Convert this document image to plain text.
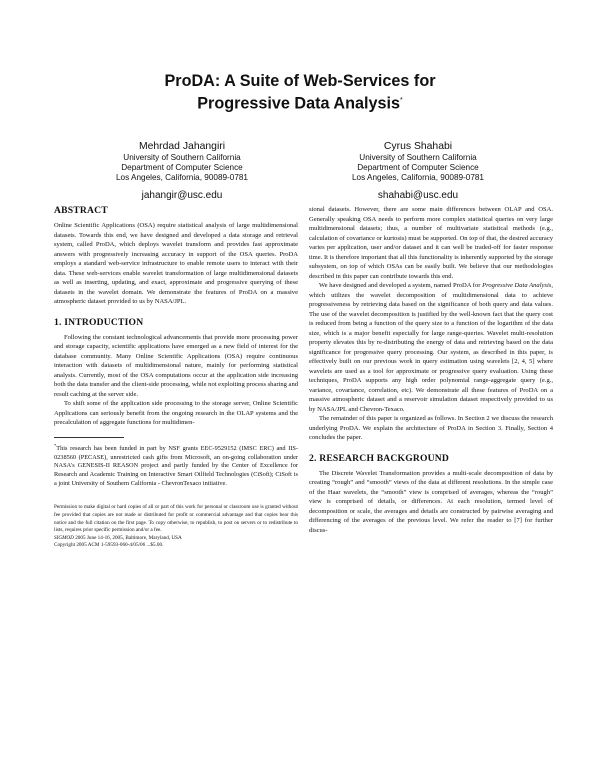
ProDA: A Suite of Web-Services for
Progressive Data Analysis*
Mehrdad Jahangiri
University of Southern California
Department of Computer Science
Los Angeles, California, 90089-0781
jahangir@usc.edu
Cyrus Shahabi
University of Southern California
Department of Computer Science
Los Angeles, California, 90089-0781
shahabi@usc.edu
ABSTRACT

Online Scientific Applications (OSA) require statistical analysis of large multidimensional datasets. Towards this end, we have designed and developed a data storage and retrieval system, called ProDA, which deploys wavelet transform and provides fast approximate answers with progressively increasing accuracy in support of the OSA queries. ProDA employs a standard web-service infrastructure to enable remote users to interact with their data. These web-services enable wavelet transformation of large multidimensional datasets as well as inserting, updating, and exact, approximate and progressive querying of these datasets in the wavelet domain. We demonstrate the features of ProDA on a massive atmospheric dataset provided to us by NASA/JPL.

1. INTRODUCTION

Following the constant technological advancements that provide more processing power and storage capacity, scientific applications have emerged as a new field of interest for the database community. Many Online Scientific Applications (OSA) require continuous interaction with datasets of multidimensional nature, mainly for performing statistical analysis. Currently, most of the OSA computations occur at the application side increasing both the data transfer and the client-side processing, while not exploiting process sharing and result caching at the server side.

To shift some of the application side processing to the storage server, Online Scientific Applications can seriously benefit from the ongoing research in the OLAP systems and the precalculation of aggregate functions for multidimen-

*This research has been funded in part by NSF grants EEC-9529152 (IMSC ERC) and IIS-0238560 (PECASE), unrestricted cash gifts from Microsoft, an on-going collaboration under NASA's GENESIS-II REASON project and partly funded by the Center of Excellence for Research and Academic Training on Interactive Smart Oilfield Technologies (CiSoft); CiSoft is a joint University of Southern California - ChevronTexaco initiative.

Permission to make digital or hard copies of all or part of this work for personal or classroom use is granted without fee provided that copies are not made or distributed for profit or commercial advantage and that copies bear this notice and the full citation on the first page. To copy otherwise, to republish, to post on servers or to redistribute to lists, requires prior specific permission and/or a fee.

SIGMOD 2005 June 14-16, 2005, Baltimore, Maryland, USA
Copyright 2005 ACM 1-59593-060-4/05/06 ...$5.00.

sional datasets. However, there are some main differences between OLAP and OSA. Generally speaking OSA needs to perform more complex statistical queries on very large multidimensional datasets; thus, a number of multivariate statistical methods (e.g., calculation of covariance or kurtosis) must be supported. On top of that, the desired accuracy varies per application, user and/or dataset and it can well be traded-off for faster response time. It is therefore important that all this functionality is inherently supported by the storage subsystem, on top of which OSAs can be easily built. We believe that our methodologies described in this paper can contribute towards this end.

We have designed and developed a system, named ProDA for Progressive Data Analysis, which utilizes the wavelet decomposition of multidimensional data to achieve progressiveness by retrieving data based on the significance of both query and data values. The use of the wavelet decomposition is justified by the well-known fact that the query cost is reduced from being a function of the query size to a function of the logarithm of the data size, which is a major benefit especially for large range-queries. Wavelet multi-resolution property elevates this by re-distributing the energy of data and retrieving based on the data significance for progressive query processing. Our system, as described in this paper, is effectively built on our previous work in query estimation using wavelets [2, 4, 5] where wavelets are used as a tool for approximate or progressive query evaluation. Using these techniques, ProDA supports any high order polynomial range-aggregate query (e.g., variance, covariance, correlation, etc). We demonstrate all these features of ProDA on a massive atmospheric dataset and a reservoir simulation dataset respectively provided to us by NASA/JPL and Chevron-Texaco.

The remainder of this paper is organized as follows. In Section 2 we discuss the research underlying ProDA. We explain the architecture of ProDA in Section 3. Finally, Section 4 concludes the paper.

2. RESEARCH BACKGROUND

The Discrete Wavelet Transformation provides a multi-scale decomposition of data by creating “rough” and “smooth” views of the data at different resolutions. In the simple case of the Haar wavelets, the “smooth” view is comprised of averages, whereas the “rough” view is comprised of details, or differences. At each resolution, termed level of decomposition or scale, the averages and details are constructed by pairwise averaging and differencing of the averages of the previous level. We refer the reader to [7] for further discus-
